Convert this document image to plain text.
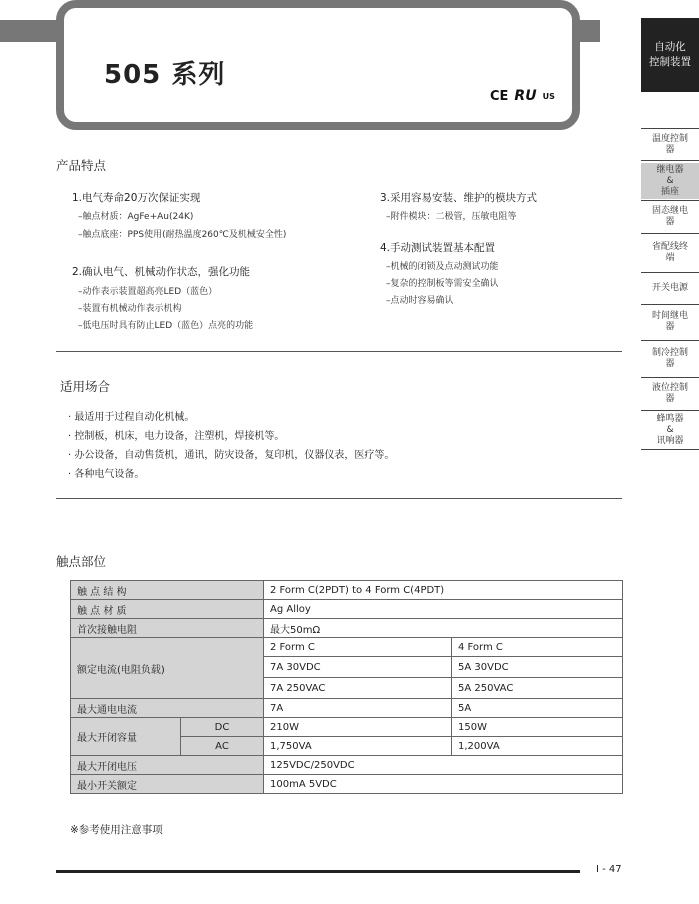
505 系列
CE RU US
自动化
控制装置
温度控制
器
继电器
&
插座
固态继电
器
省配线终
端
开关电源
时间继电
器
制冷控制
器
液位控制
器
蜂鸣器
&
讯响器
产品特点
1.电气寿命20万次保证实现
–触点材质：AgFe+Au(24K)
–触点底座：PPS使用(耐热温度260℃及机械安全性)
2.确认电气、机械动作状态，强化功能
–动作表示装置超高亮LED（蓝色）
–装置有机械动作表示机构
–低电压时具有防止LED（蓝色）点亮的功能
3.采用容易安装、维护的模块方式
–附件模块：二极管，压敏电阻等
4.手动测试装置基本配置
–机械的闭锁及点动测试功能
–复杂的控制板等需安全确认
–点动时容易确认
适用场合
· 最适用于过程自动化机械。
· 控制板，机床，电力设备，注塑机，焊接机等。
· 办公设备，自动售货机，通讯，防灾设备，复印机，仪器仪表，医疗等。
· 各种电气设备。
触点部位
触 点 结 构		2 Form C(2PDT) to 4 Form C(4PDT)	
触 点 材 质		Ag Alloy	
首次接触电阻		最大50mΩ	
额定电流(电阻负载)		2 Form C	4 Form C
		7A 30VDC	5A 30VDC
		7A 250VAC	5A 250VAC
最大通电电流		7A	5A
最大开闭容量	DC	210W	150W
	AC	1,750VA	1,200VA
最大开闭电压		125VDC/250VDC	
最小开关额定		100mA 5VDC	
※参考使用注意事项
Ⅰ - 47
